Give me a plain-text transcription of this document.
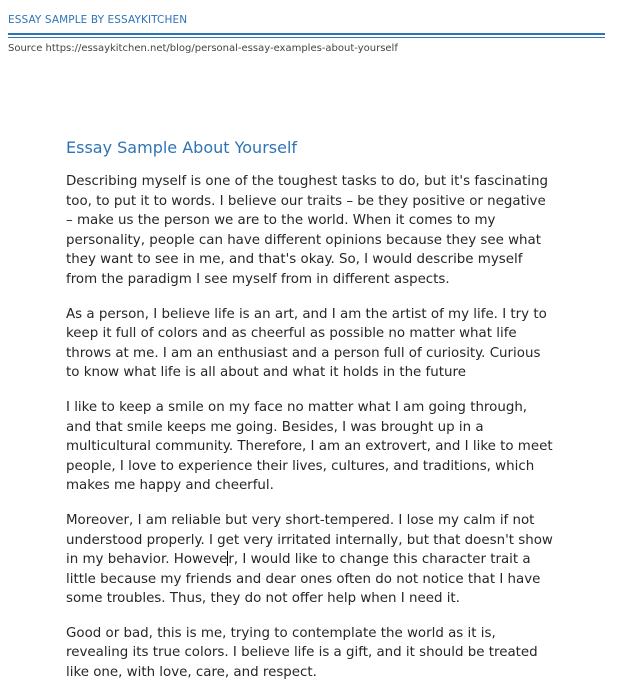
ESSAY SAMPLE BY ESSAYKITCHEN
Source https://essaykitchen.net/blog/personal-essay-examples-about-yourself
Essay Sample About Yourself

Describing myself is one of the toughest tasks to do, but it's fascinating too, to put it to words. I believe our traits – be they positive or negative – make us the person we are to the world. When it comes to my personality, people can have different opinions because they see what they want to see in me, and that's okay. So, I would describe myself from the paradigm I see myself from in different aspects.

As a person, I believe life is an art, and I am the artist of my life. I try to keep it full of colors and as cheerful as possible no matter what life throws at me. I am an enthusiast and a person full of curiosity. Curious to know what life is all about and what it holds in the future

I like to keep a smile on my face no matter what I am going through, and that smile keeps me going. Besides, I was brought up in a multicultural community. Therefore, I am an extrovert, and I like to meet people, I love to experience their lives, cultures, and traditions, which makes me happy and cheerful.

Moreover, I am reliable but very short-tempered. I lose my calm if not understood properly. I get very irritated internally, but that doesn't show in my behavior. However, I would like to change this character trait a little because my friends and dear ones often do not notice that I have some troubles. Thus, they do not offer help when I need it.

Good or bad, this is me, trying to contemplate the world as it is, revealing its true colors. I believe life is a gift, and it should be treated like one, with love, care, and respect.
